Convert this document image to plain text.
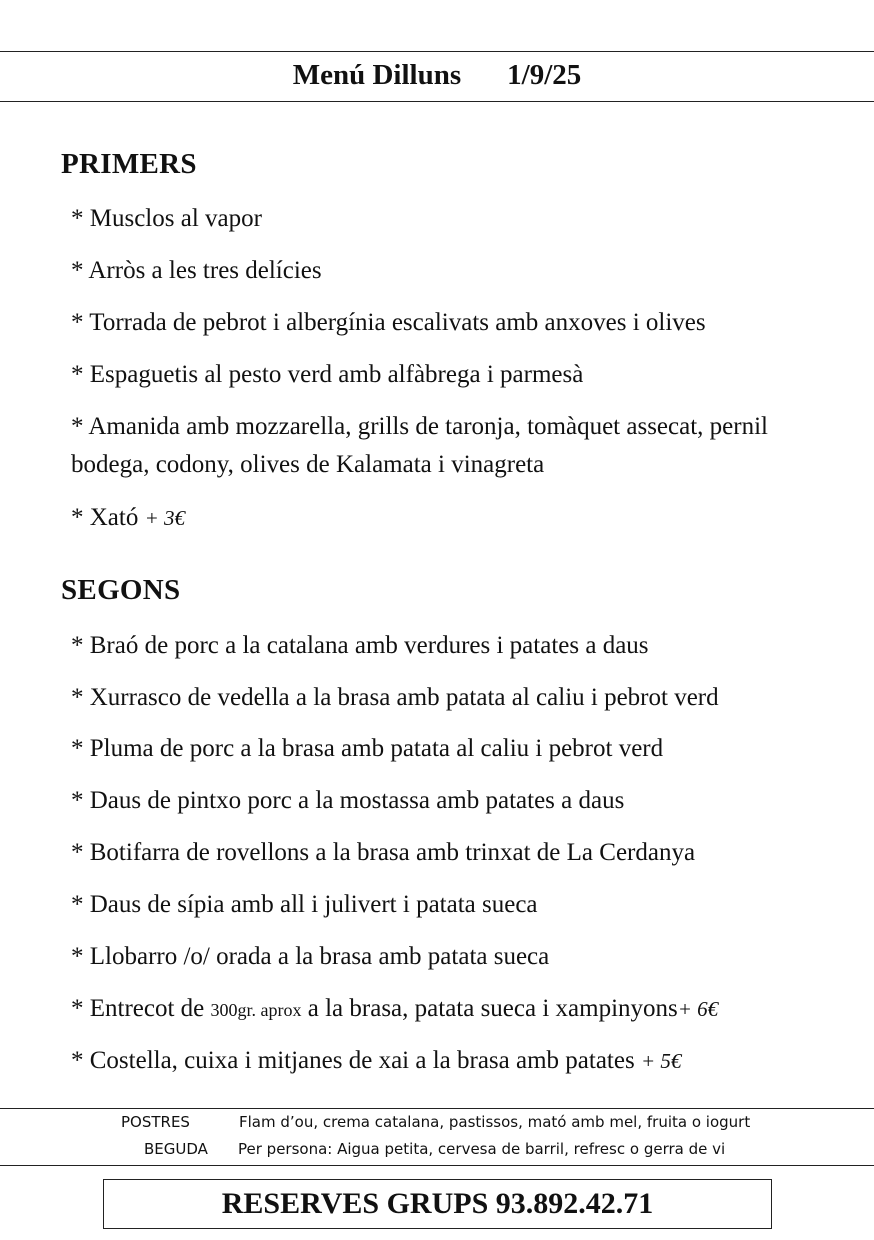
Menú Dilluns 1/9/25
PRIMERS
* Musclos al vapor
* Arròs a les tres delícies
* Torrada de pebrot i albergínia escalivats amb anxoves i olives
* Espaguetis al pesto verd amb alfàbrega i parmesà
* Amanida amb mozzarella, grills de taronja, tomàquet assecat, pernil bodega, codony, olives de Kalamata i vinagreta
* Xató + 3€
SEGONS
* Braó de porc a la catalana amb verdures i patates a daus
* Xurrasco de vedella a la brasa amb patata al caliu i pebrot verd
* Pluma de porc a la brasa amb patata al caliu i pebrot verd
* Daus de pintxo porc a la mostassa amb patates a daus
* Botifarra de rovellons a la brasa amb trinxat de La Cerdanya
* Daus de sípia amb all i julivert i patata sueca
* Llobarro /o/ orada a la brasa amb patata sueca
* Entrecot de 300gr. aprox a la brasa, patata sueca i xampinyons+ 6€
* Costella, cuixa i mitjanes de xai a la brasa amb patates + 5€
POSTRES	Flam d’ou, crema catalana, pastissos, mató amb mel, fruita o iogurt
BEGUDA Per persona: Aigua petita, cervesa de barril, refresc o gerra de vi
RESERVES GRUPS 93.892.42.71
